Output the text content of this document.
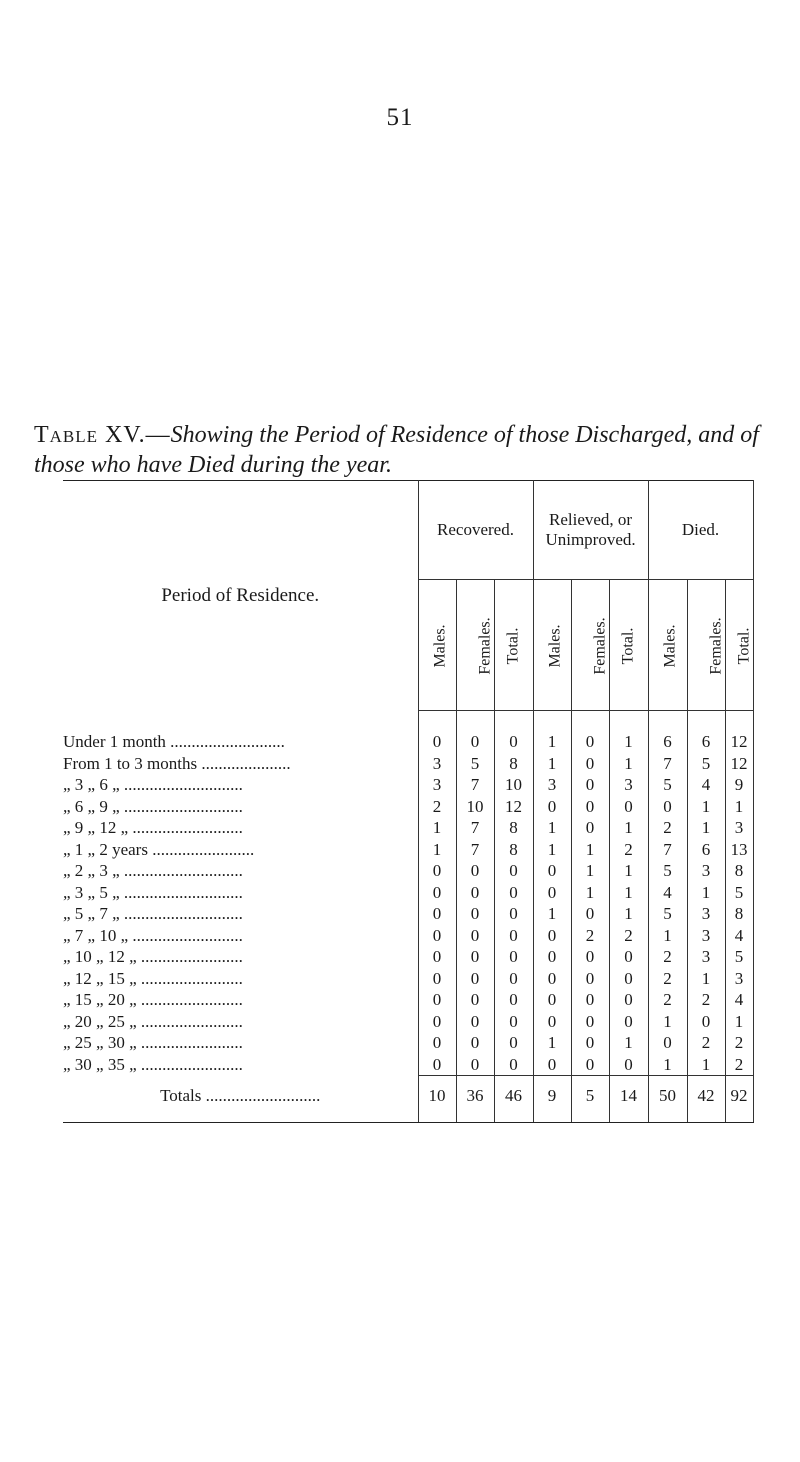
51
Table XV.—Showing the Period of Residence of those Discharged, and of those who have Died during the year.
Period of Residence.	Recovered.			Relieved, or Unimproved.			Died.		
	Males.	Females.	Total.	Males.	Females.	Total.	Males.	Females.	Total.

Under 1 month ...........................	0	0	0	1	0	1	6	6	12
From 1 to 3 months .....................	3	5	8	1	0	1	7	5	12
„ 3 „ 6 „ ............................	3	7	10	3	0	3	5	4	9
„ 6 „ 9 „ ............................	2	10	12	0	0	0	0	1	1
„ 9 „ 12 „ ..........................	1	7	8	1	0	1	2	1	3
„ 1 „ 2 years ........................	1	7	8	1	1	2	7	6	13
„ 2 „ 3 „ ............................	0	0	0	0	1	1	5	3	8
„ 3 „ 5 „ ............................	0	0	0	0	1	1	4	1	5
„ 5 „ 7 „ ............................	0	0	0	1	0	1	5	3	8
„ 7 „ 10 „ ..........................	0	0	0	0	2	2	1	3	4
„ 10 „ 12 „ ........................	0	0	0	0	0	0	2	3	5
„ 12 „ 15 „ ........................	0	0	0	0	0	0	2	1	3
„ 15 „ 20 „ ........................	0	0	0	0	0	0	2	2	4
„ 20 „ 25 „ ........................	0	0	0	0	0	0	1	0	1
„ 25 „ 30 „ ........................	0	0	0	1	0	1	0	2	2
„ 30 „ 35 „ ........................	0	0	0	0	0	0	1	1	2
Totals ...........................	10	36	46	9	5	14	50	42	92
